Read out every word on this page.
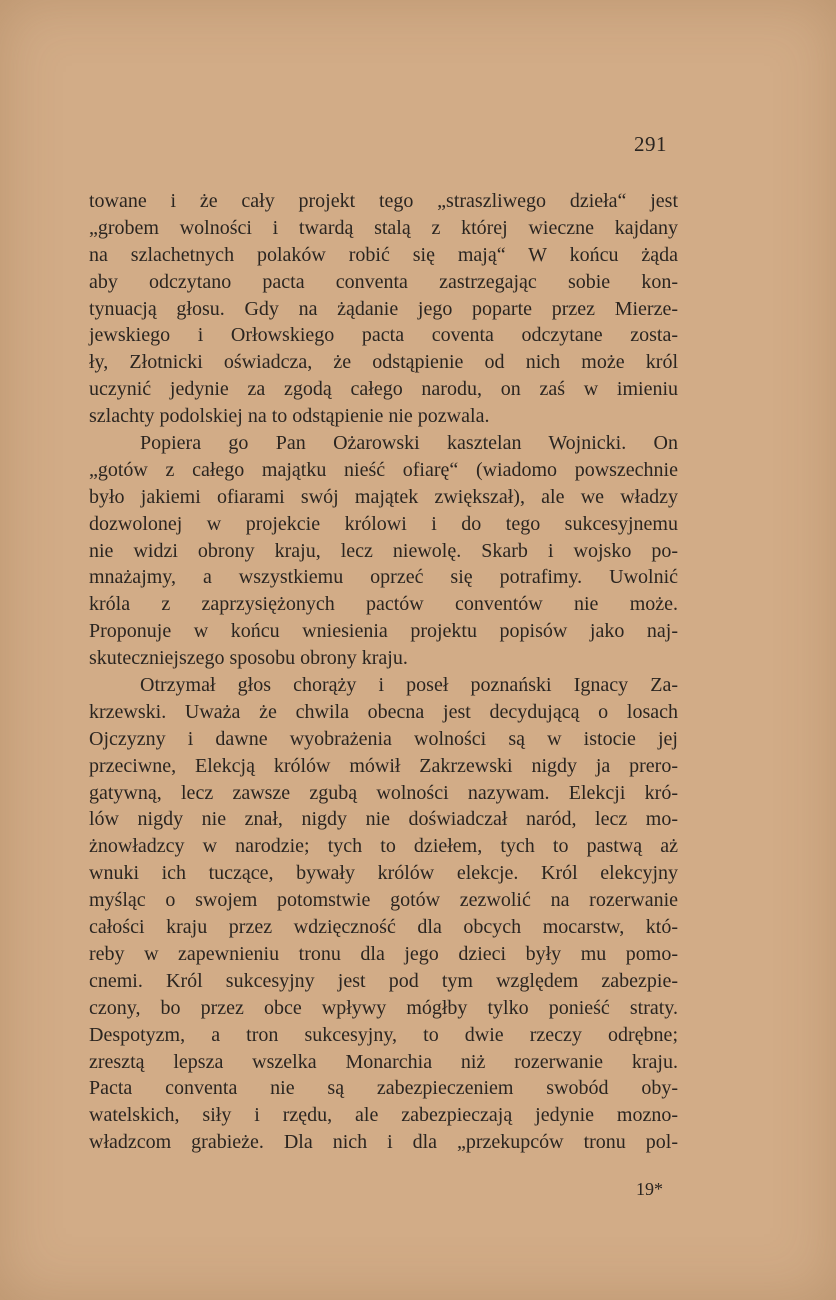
291
towane i że cały projekt tego „straszliwego dzieła“ jest
„grobem wolności i twardą stalą z której wieczne kajdany
na szlachetnych polaków robić się mają“ W końcu żąda
aby odczytano pacta conventa zastrzegając sobie kon-
tynuacją głosu. Gdy na żądanie jego poparte przez Mierze-
jewskiego i Orłowskiego pacta coventa odczytane zosta-
ły, Złotnicki oświadcza, że odstąpienie od nich może król
uczynić jedynie za zgodą całego narodu, on zaś w imieniu
szlachty podolskiej na to odstąpienie nie pozwala.
Popiera go Pan Ożarowski kasztelan Wojnicki. On
„gotów z całego majątku nieść ofiarę“ (wiadomo powszechnie
było jakiemi ofiarami swój majątek zwiększał), ale we władzy
dozwolonej w projekcie królowi i do tego sukcesyjnemu
nie widzi obrony kraju, lecz niewolę. Skarb i wojsko po-
mnażajmy, a wszystkiemu oprzeć się potrafimy. Uwolnić
króla z zaprzysiężonych pactów conventów nie może.
Proponuje w końcu wniesienia projektu popisów jako naj-
skuteczniejszego sposobu obrony kraju.
Otrzymał głos chorąży i poseł poznański Ignacy Za-
krzewski. Uważa że chwila obecna jest decydującą o losach
Ojczyzny i dawne wyobrażenia wolności są w istocie jej
przeciwne, Elekcją królów mówił Zakrzewski nigdy ja prero-
gatywną, lecz zawsze zgubą wolności nazywam. Elekcji kró-
lów nigdy nie znał, nigdy nie doświadczał naród, lecz mo-
żnowładzcy w narodzie; tych to dziełem, tych to pastwą aż
wnuki ich tuczące, bywały królów elekcje. Król elekcyjny
myśląc o swojem potomstwie gotów zezwolić na rozerwanie
całości kraju przez wdzięczność dla obcych mocarstw, któ-
reby w zapewnieniu tronu dla jego dzieci były mu pomo-
cnemi. Król sukcesyjny jest pod tym względem zabezpie-
czony, bo przez obce wpływy mógłby tylko ponieść straty.
Despotyzm, a tron sukcesyjny, to dwie rzeczy odrębne;
zresztą lepsza wszelka Monarchia niż rozerwanie kraju.
Pacta conventa nie są zabezpieczeniem swobód oby-
watelskich, siły i rzędu, ale zabezpieczają jedynie mozno-
władzcom grabieże. Dla nich i dla „przekupców tronu pol-
19*
